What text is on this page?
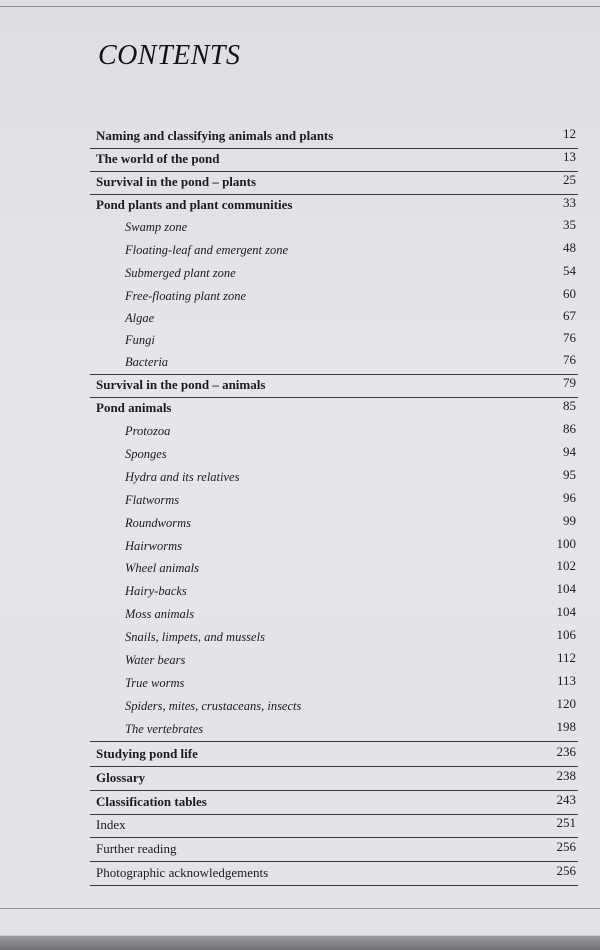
CONTENTS
Naming and classifying animals and plants	12
The world of the pond	13
Survival in the pond – plants	25
Pond plants and plant communities	33
Swamp zone	35
Floating-leaf and emergent zone	48
Submerged plant zone	54
Free-floating plant zone	60
Algae	67
Fungi	76
Bacteria	76
Survival in the pond – animals	79
Pond animals	85
Protozoa	86
Sponges	94
Hydra and its relatives	95
Flatworms	96
Roundworms	99
Hairworms	100
Wheel animals	102
Hairy-backs	104
Moss animals	104
Snails, limpets, and mussels	106
Water bears	112
True worms	113
Spiders, mites, crustaceans, insects	120
The vertebrates	198
Studying pond life	236
Glossary	238
Classification tables	243
Index	251
Further reading	256
Photographic acknowledgements	256
